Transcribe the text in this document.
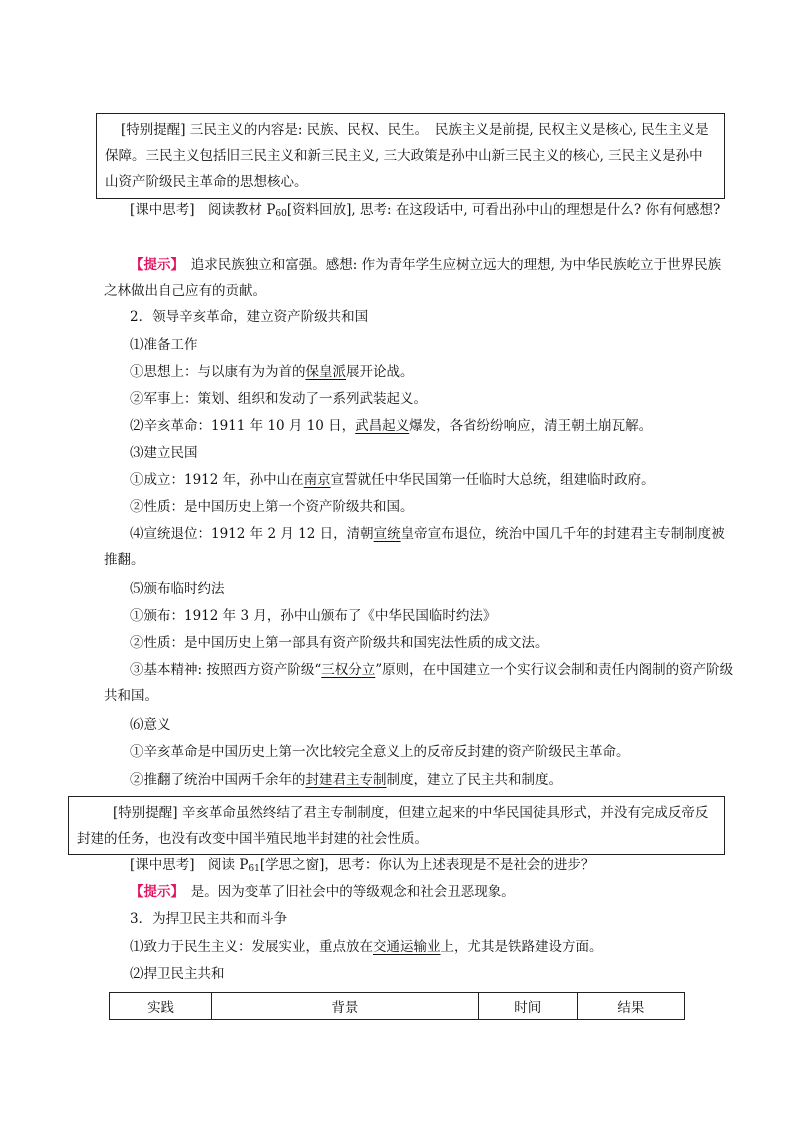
[特别提醒] 三民主义的内容是: 民族、民权、民生。　民族主义是前提, 民权主义是核心, 民生主义是保障。三民主义包括旧三民主义和新三民主义, 三大政策是孙中山新三民主义的核心, 三民主义是孙中山资产阶级民主革命的思想核心。
[课中思考]　 阅读教材 $P_{60}$[资料回放], 思考: 在这段话中, 可看出孙中山的理想是什么? 你有何感想?
【提示】　 追求民族独立和富强。感想: 作为青年学生应树立远大的理想, 为中华民族屹立于世界民族之林做出自己应有的贡献。
2．领导辛亥革命，建立资产阶级共和国
⑴准备工作
①思想上：与以康有为为首的保皇派展开论战。
②军事上：策划、组织和发动了一系列武装起义。
⑵辛亥革命：1911 年 10 月 10 日，武昌起义爆发，各省纷纷响应，清王朝土崩瓦解。
⑶建立民国
①成立：1912 年，孙中山在南京宣誓就任中华民国第一任临时大总统，组建临时政府。
②性质：是中国历史上第一个资产阶级共和国。
⑷宣统退位：1912 年 2 月 12 日，清朝宣统皇帝宣布退位，统治中国几千年的封建君主专制制度被推翻。
⑸颁布临时约法
①颁布：1912 年 3 月，孙中山颁布了《中华民国临时约法》
②性质：是中国历史上第一部具有资产阶级共和国宪法性质的成文法。
③基本精神: 按照西方资产阶级“三权分立”原则，在中国建立一个实行议会制和责任内阁制的资产阶级共和国。
⑹意义
①辛亥革命是中国历史上第一次比较完全意义上的反帝反封建的资产阶级民主革命。
②推翻了统治中国两千余年的封建君主专制制度，建立了民主共和制度。
[特别提醒] 辛亥革命虽然终结了君主专制制度，但建立起来的中华民国徒具形式，并没有完成反帝反封建的任务，也没有改变中国半殖民地半封建的社会性质。
[课中思考]　 阅读 $P_{61}$[学思之窗]，思考：你认为上述表现是不是社会的进步？
【提示】　 是。因为变革了旧社会中的等级观念和社会丑恶现象。
3．为捍卫民主共和而斗争
⑴致力于民生主义：发展实业，重点放在交通运输业上，尤其是铁路建设方面。
⑵捍卫民主共和
实践	背景	时间	结果
